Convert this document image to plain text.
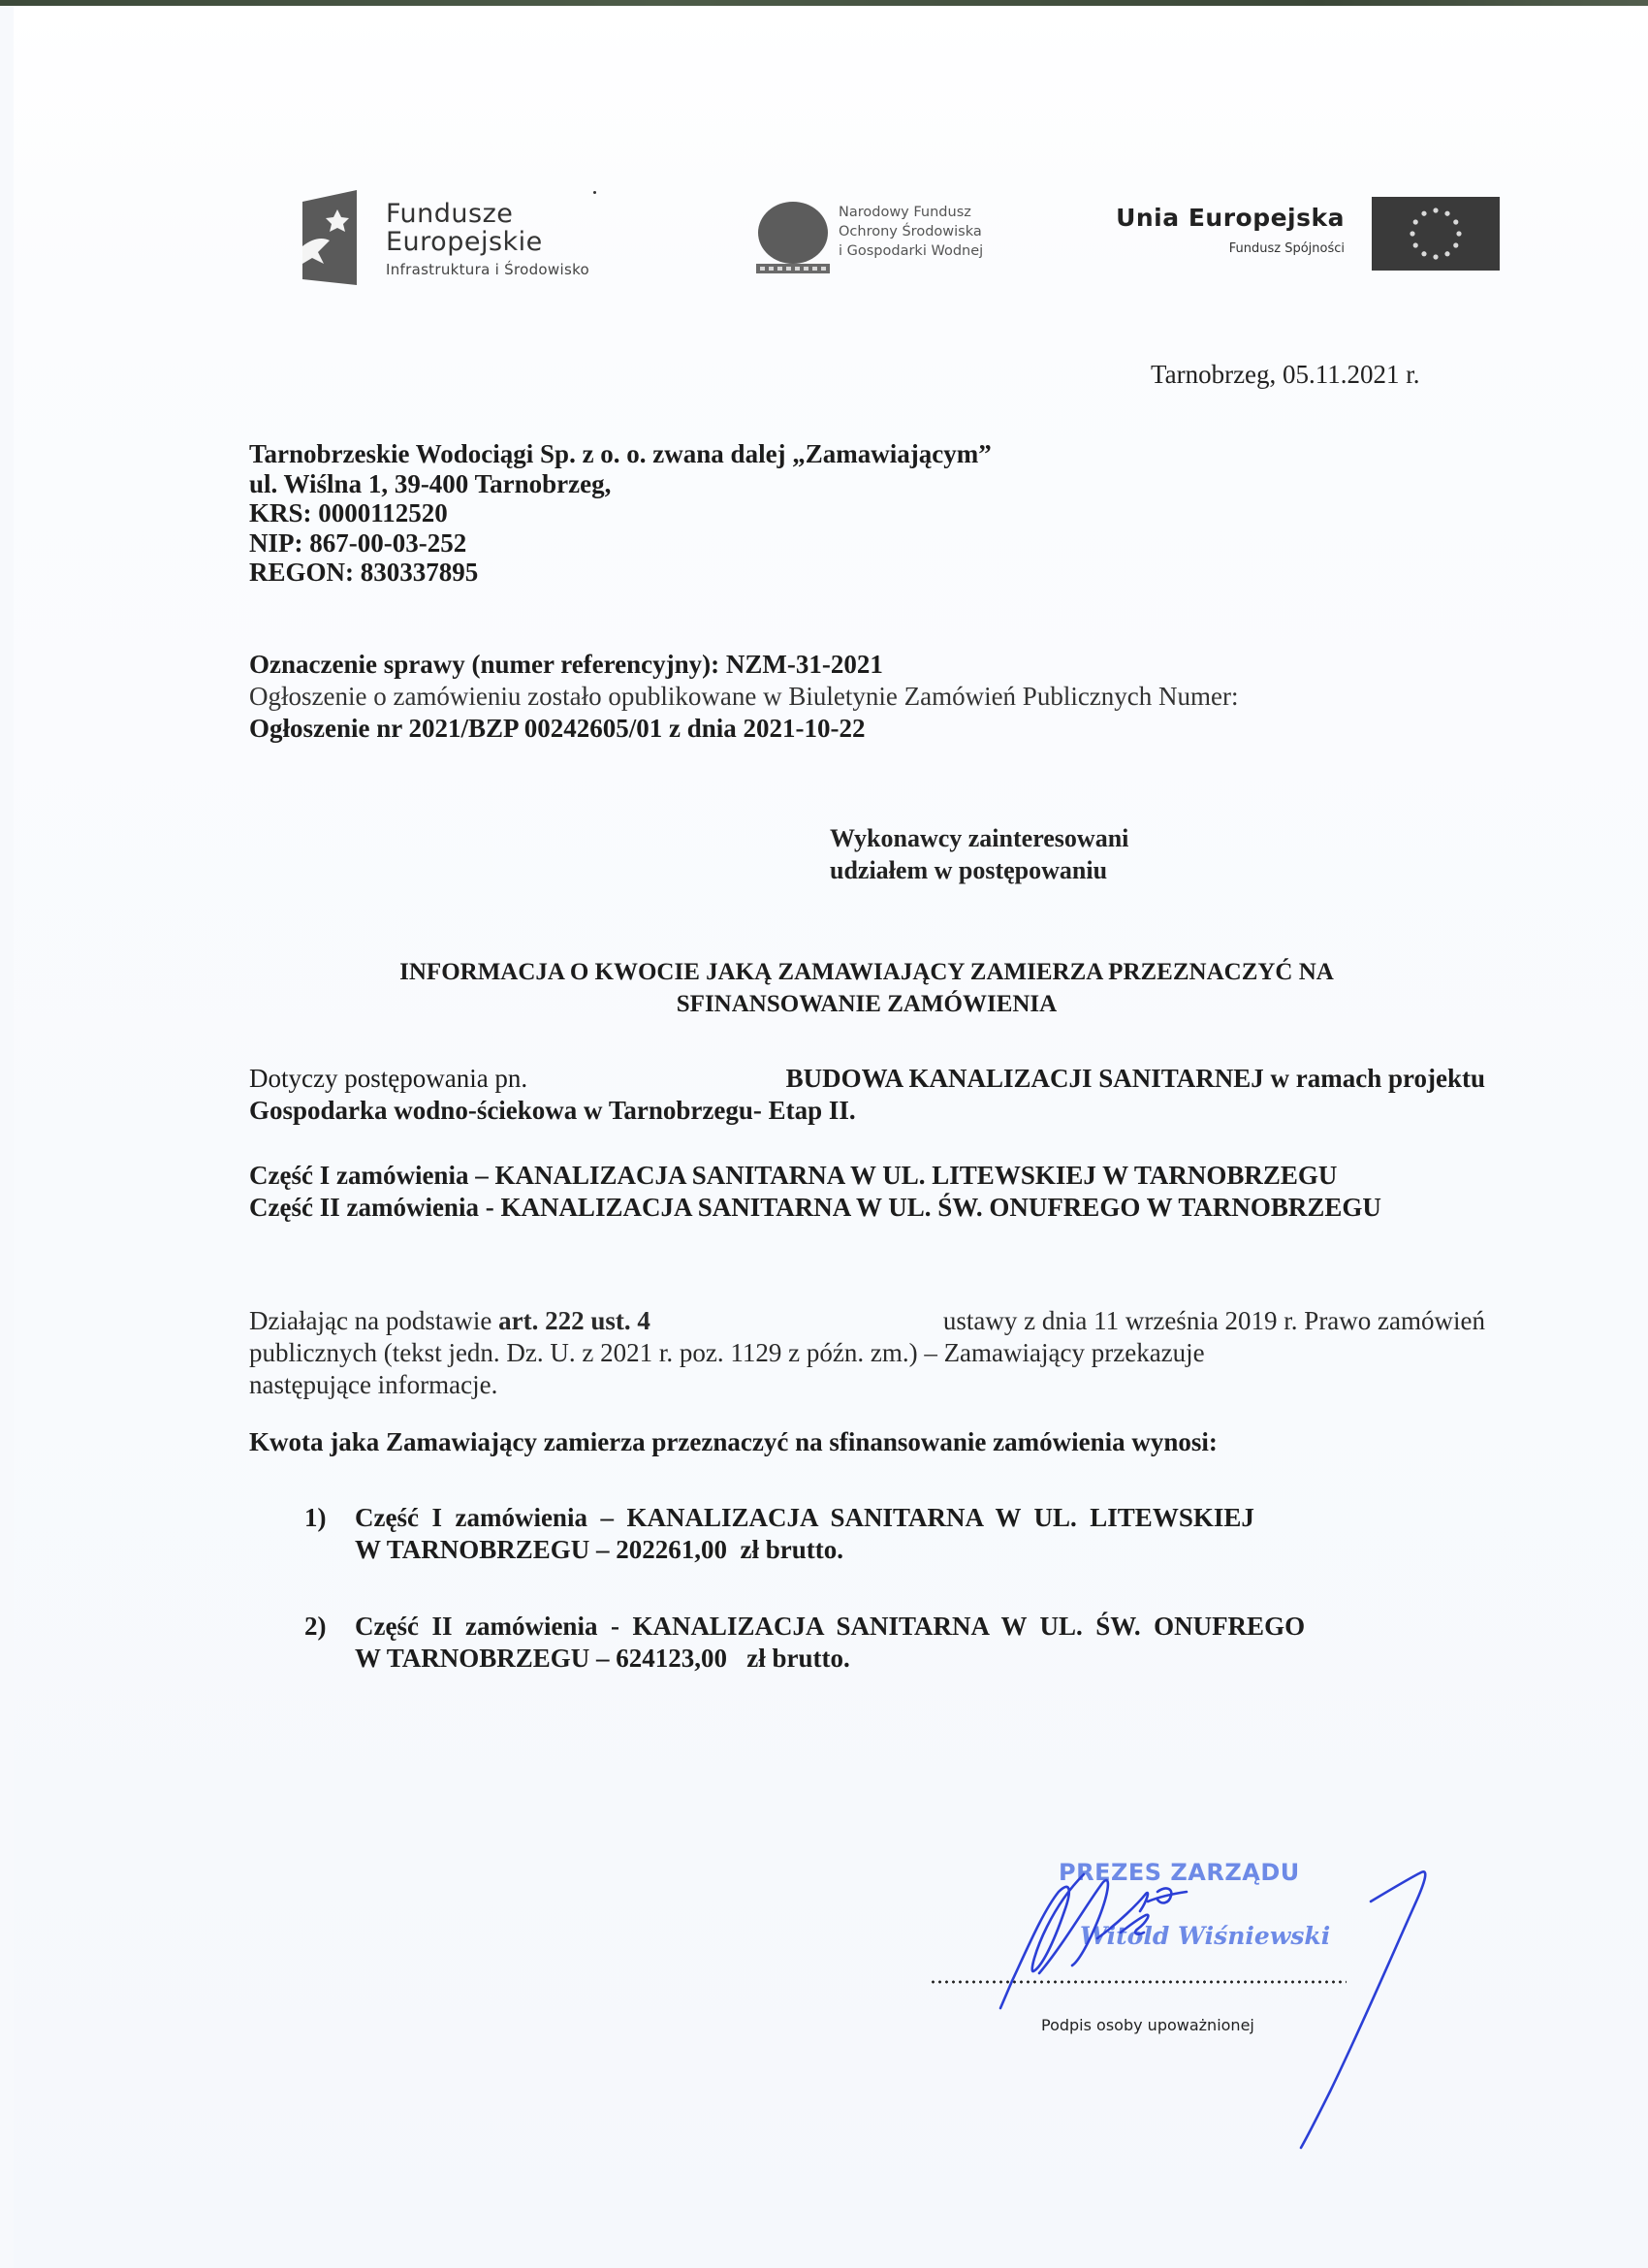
Fundusze
Europejskie
Infrastruktura i Środowisko
Narodowy Fundusz
Ochrony Środowiska
i Gospodarki Wodnej
Unia Europejska
Fundusz Spójności
Tarnobrzeg, 05.11.2021 r.
Tarnobrzeskie Wodociągi Sp. z o. o. zwana dalej „Zamawiającym”
ul. Wiślna 1, 39-400 Tarnobrzeg,
KRS: 0000112520
NIP: 867-00-03-252
REGON: 830337895
Oznaczenie sprawy (numer referencyjny): NZM-31-2021
Ogłoszenie o zamówieniu zostało opublikowane w Biuletynie Zamówień Publicznych Numer:
Ogłoszenie nr 2021/BZP 00242605/01 z dnia 2021-10-22
Wykonawcy zainteresowani
udziałem w postępowaniu
INFORMACJA O KWOCIE JAKĄ ZAMAWIAJĄCY ZAMIERZA PRZEZNACZYĆ NA
SFINANSOWANIE ZAMÓWIENIA
Dotyczy postępowania pn.	BUDOWA KANALIZACJI SANITARNEJ w ramach projektu
Gospodarka wodno-ściekowa w Tarnobrzegu- Etap II.
Część I zamówienia – KANALIZACJA SANITARNA W UL. LITEWSKIEJ W TARNOBRZEGU
Część II zamówienia - KANALIZACJA SANITARNA W UL. ŚW. ONUFREGO W TARNOBRZEGU
Działając na podstawie art. 222 ust. 4	ustawy z dnia 11 września 2019 r. Prawo zamówień
publicznych (tekst jedn. Dz. U. z 2021 r. poz. 1129 z późn. zm.) – Zamawiający przekazuje
następujące informacje.
Kwota jaka Zamawiający zamierza przeznaczyć na sfinansowanie zamówienia wynosi:
1) Część  I  zamówienia  –  KANALIZACJA  SANITARNA  W  UL.  LITEWSKIEJ
W TARNOBRZEGU – 202261,00  zł brutto.
2) Część  II  zamówienia  -  KANALIZACJA  SANITARNA  W  UL.  ŚW.  ONUFREGO
W TARNOBRZEGU – 624123,00   zł brutto.
PREZES ZARZĄDU
Witold Wiśniewski
Podpis osoby upoważnionej
